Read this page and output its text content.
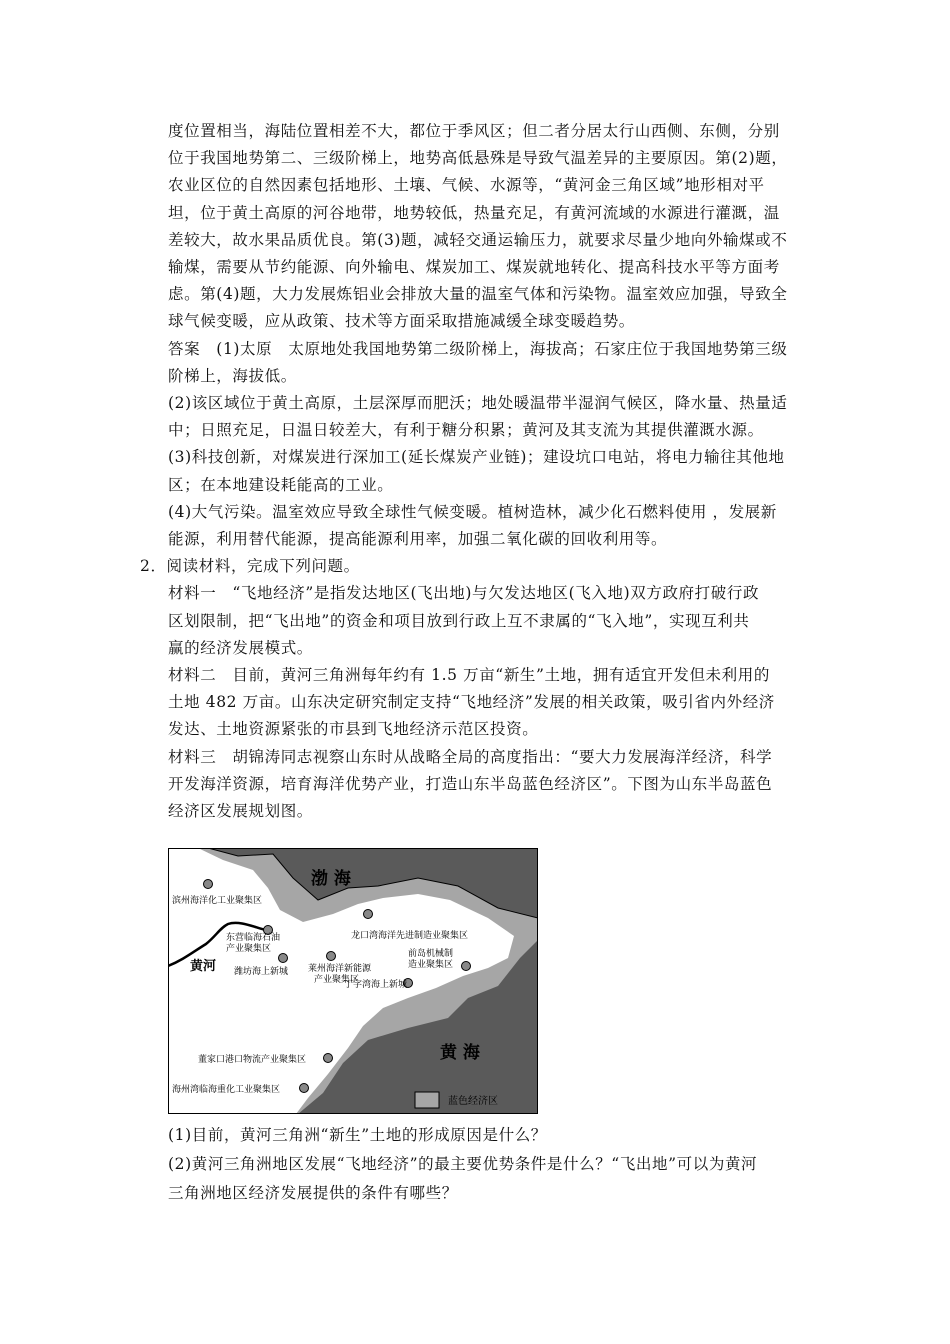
度位置相当，海陆位置相差不大，都位于季风区；但二者分居太行山西侧、东侧，分别
位于我国地势第二、三级阶梯上，地势高低悬殊是导致气温差异的主要原因。第(2)题，
农业区位的自然因素包括地形、土壤、气候、水源等，“黄河金三角区域”地形相对平
坦，位于黄土高原的河谷地带，地势较低，热量充足，有黄河流域的水源进行灌溉，温
差较大，故水果品质优良。第(3)题，减轻交通运输压力，就要求尽量少地向外输煤或不
输煤，需要从节约能源、向外输电、煤炭加工、煤炭就地转化、提高科技水平等方面考
虑。第(4)题，大力发展炼铝业会排放大量的温室气体和污染物。温室效应加强，导致全
球气候变暖，应从政策、技术等方面采取措施减缓全球变暖趋势。
答案　(1)太原　太原地处我国地势第二级阶梯上，海拔高；石家庄位于我国地势第三级
阶梯上，海拔低。
(2)该区域位于黄土高原，土层深厚而肥沃；地处暖温带半湿润气候区，降水量、热量适
中；日照充足，日温日较差大，有利于糖分积累；黄河及其支流为其提供灌溉水源。
(3)科技创新，对煤炭进行深加工(延长煤炭产业链)；建设坑口电站，将电力输往其他地
区；在本地建设耗能高的工业。
(4)大气污染。温室效应导致全球性气候变暖。植树造林，减少化石燃料使用 ，发展新
能源，利用替代能源，提高能源利用率，加强二氧化碳的回收利用等。
2．阅读材料，完成下列问题。
材料一　“飞地经济”是指发达地区(飞出地)与欠发达地区(飞入地)双方政府打破行政
区划限制，把“飞出地”的资金和项目放到行政上互不隶属的“飞入地”，实现互利共
赢的经济发展模式。
材料二　目前，黄河三角洲每年约有 1.5 万亩“新生”土地，拥有适宜开发但未利用的
土地 482 万亩。山东决定研究制定支持“飞地经济”发展的相关政策，吸引省内外经济
发达、土地资源紧张的市县到飞地经济示范区投资。
材料三　胡锦涛同志视察山东时从战略全局的高度指出：“要大力发展海洋经济，科学
开发海洋资源，培育海洋优势产业，打造山东半岛蓝色经济区”。下图为山东半岛蓝色
经济区发展规划图。
蓝色经济区
渤 海
黄 海
黄河
滨州海洋化工业聚集区
东营临海石油
产业聚集区
潍坊海上新城
龙口湾海洋先进制造业聚集区
莱州海洋新能源
产业聚集区
前岛机械制
造业聚集区
丁字湾海上新城
董家口港口物流产业聚集区
海州湾临海重化工业聚集区
(1)目前，黄河三角洲“新生”土地的形成原因是什么？
(2)黄河三角洲地区发展“飞地经济”的最主要优势条件是什么？“飞出地”可以为黄河
三角洲地区经济发展提供的条件有哪些？
